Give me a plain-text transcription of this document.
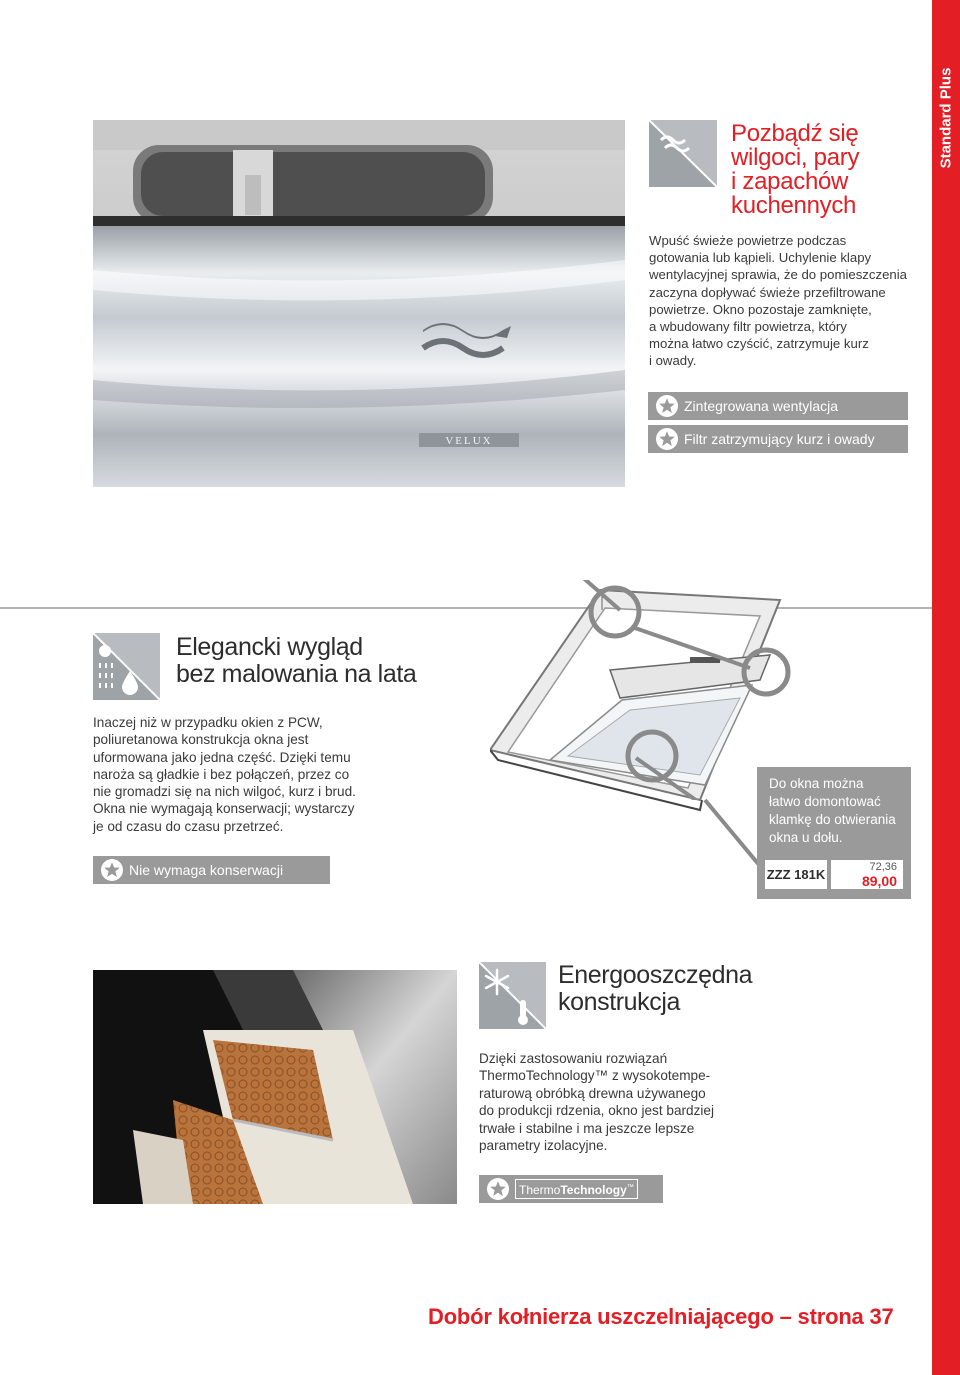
Standard Plus
VELUX
Pozbądź się
wilgoci, pary
i zapachów
kuchennych
Wpuść świeże powietrze podczas
gotowania lub kąpieli. Uchylenie klapy
wentylacyjnej sprawia, że do pomieszczenia
zaczyna dopływać świeże przefiltrowane
powietrze. Okno pozostaje zamknięte,
a wbudowany filtr powietrza, który
można łatwo czyścić, zatrzymuje kurz
i owady.
Zintegrowana wentylacja
Filtr zatrzymujący kurz i owady
Elegancki wygląd
bez malowania na lata
Inaczej niż w przypadku okien z PCW,
poliuretanowa konstrukcja okna jest
uformowana jako jedna część. Dzięki temu
naroża są gładkie i bez połączeń, przez co
nie gromadzi się na nich wilgoć, kurz i brud.
Okna nie wymagają konserwacji; wystarczy
je od czasu do czasu przetrzeć.
Nie wymaga konserwacji
Do okna można
łatwo domontować
klamkę do otwierania
okna u dołu.
ZZZ 181K	72,36
89,00
Energooszczędna
konstrukcja
Dzięki zastosowaniu rozwiązań
ThermoTechnology™ z wysokotempe-
raturową obróbką drewna używanego
do produkcji rdzenia, okno jest bardziej
trwałe i stabilne i ma jeszcze lepsze
parametry izolacyjne.
ThermoTechnology™
Dobór kołnierza uszczelniającego – strona 37
